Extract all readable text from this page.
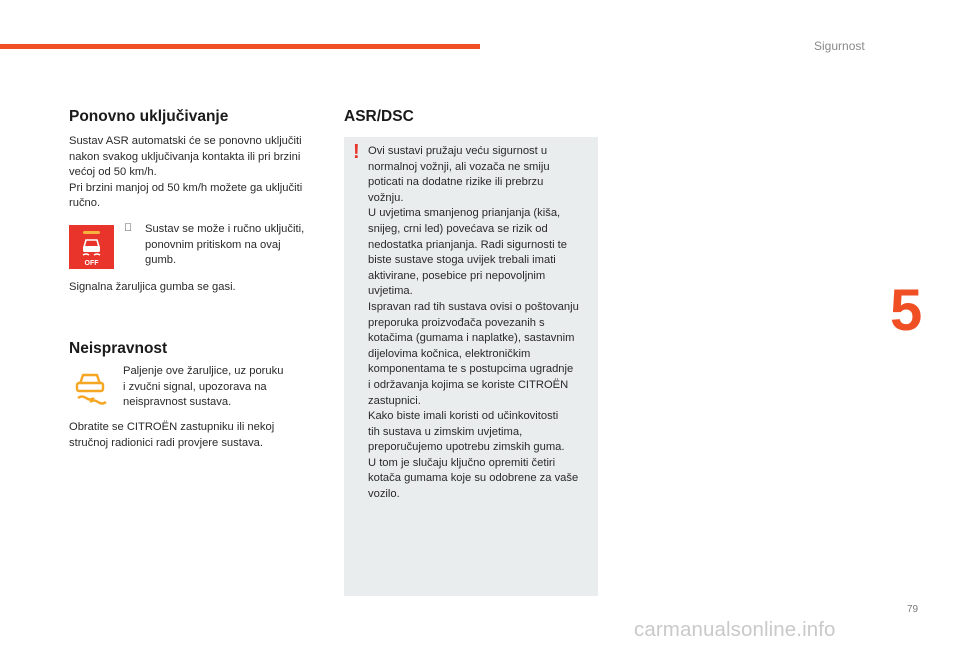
Sigurnost
5
Ponovno uključivanje

Sustav ASR automatski će se ponovno uključiti
nakon svakog uključivanja kontakta ili pri brzini
većoj od 50 km/h.
Pri brzini manjoj od 50 km/h možete ga uključiti
ručno.

OFF

Sustav se može i ručno uključiti,
ponovnim pritiskom na ovaj
gumb.

Signalna žaruljica gumba se gasi.

Neispravnost

Paljenje ove žaruljice, uz poruku
i zvučni signal, upozorava na
neispravnost sustava.

Obratite se CITROËN zastupniku ili nekoj
stručnoj radionici radi provjere sustava.

ASR/DSC
! Ovi sustavi pružaju veću sigurnost u
normalnoj vožnji, ali vozača ne smiju
poticati na dodatne rizike ili prebrzu
vožnju.
U uvjetima smanjenog prianjanja (kiša,
snijeg, crni led) povećava se rizik od
nedostatka prianjanja. Radi sigurnosti te
biste sustave stoga uvijek trebali imati
aktivirane, posebice pri nepovoljnim
uvjetima.
Ispravan rad tih sustava ovisi o poštovanju
preporuka proizvođača povezanih s
kotačima (gumama i naplatke), sastavnim
dijelovima kočnica, elektroničkim
komponentama te s postupcima ugradnje
i održavanja kojima se koriste CITROËN
zastupnici.
Kako biste imali koristi od učinkovitosti
tih sustava u zimskim uvjetima,
preporučujemo upotrebu zimskih guma.
U tom je slučaju ključno opremiti četiri
kotača gumama koje su odobrene za vaše
vozilo.

79
carmanualsonline.info
